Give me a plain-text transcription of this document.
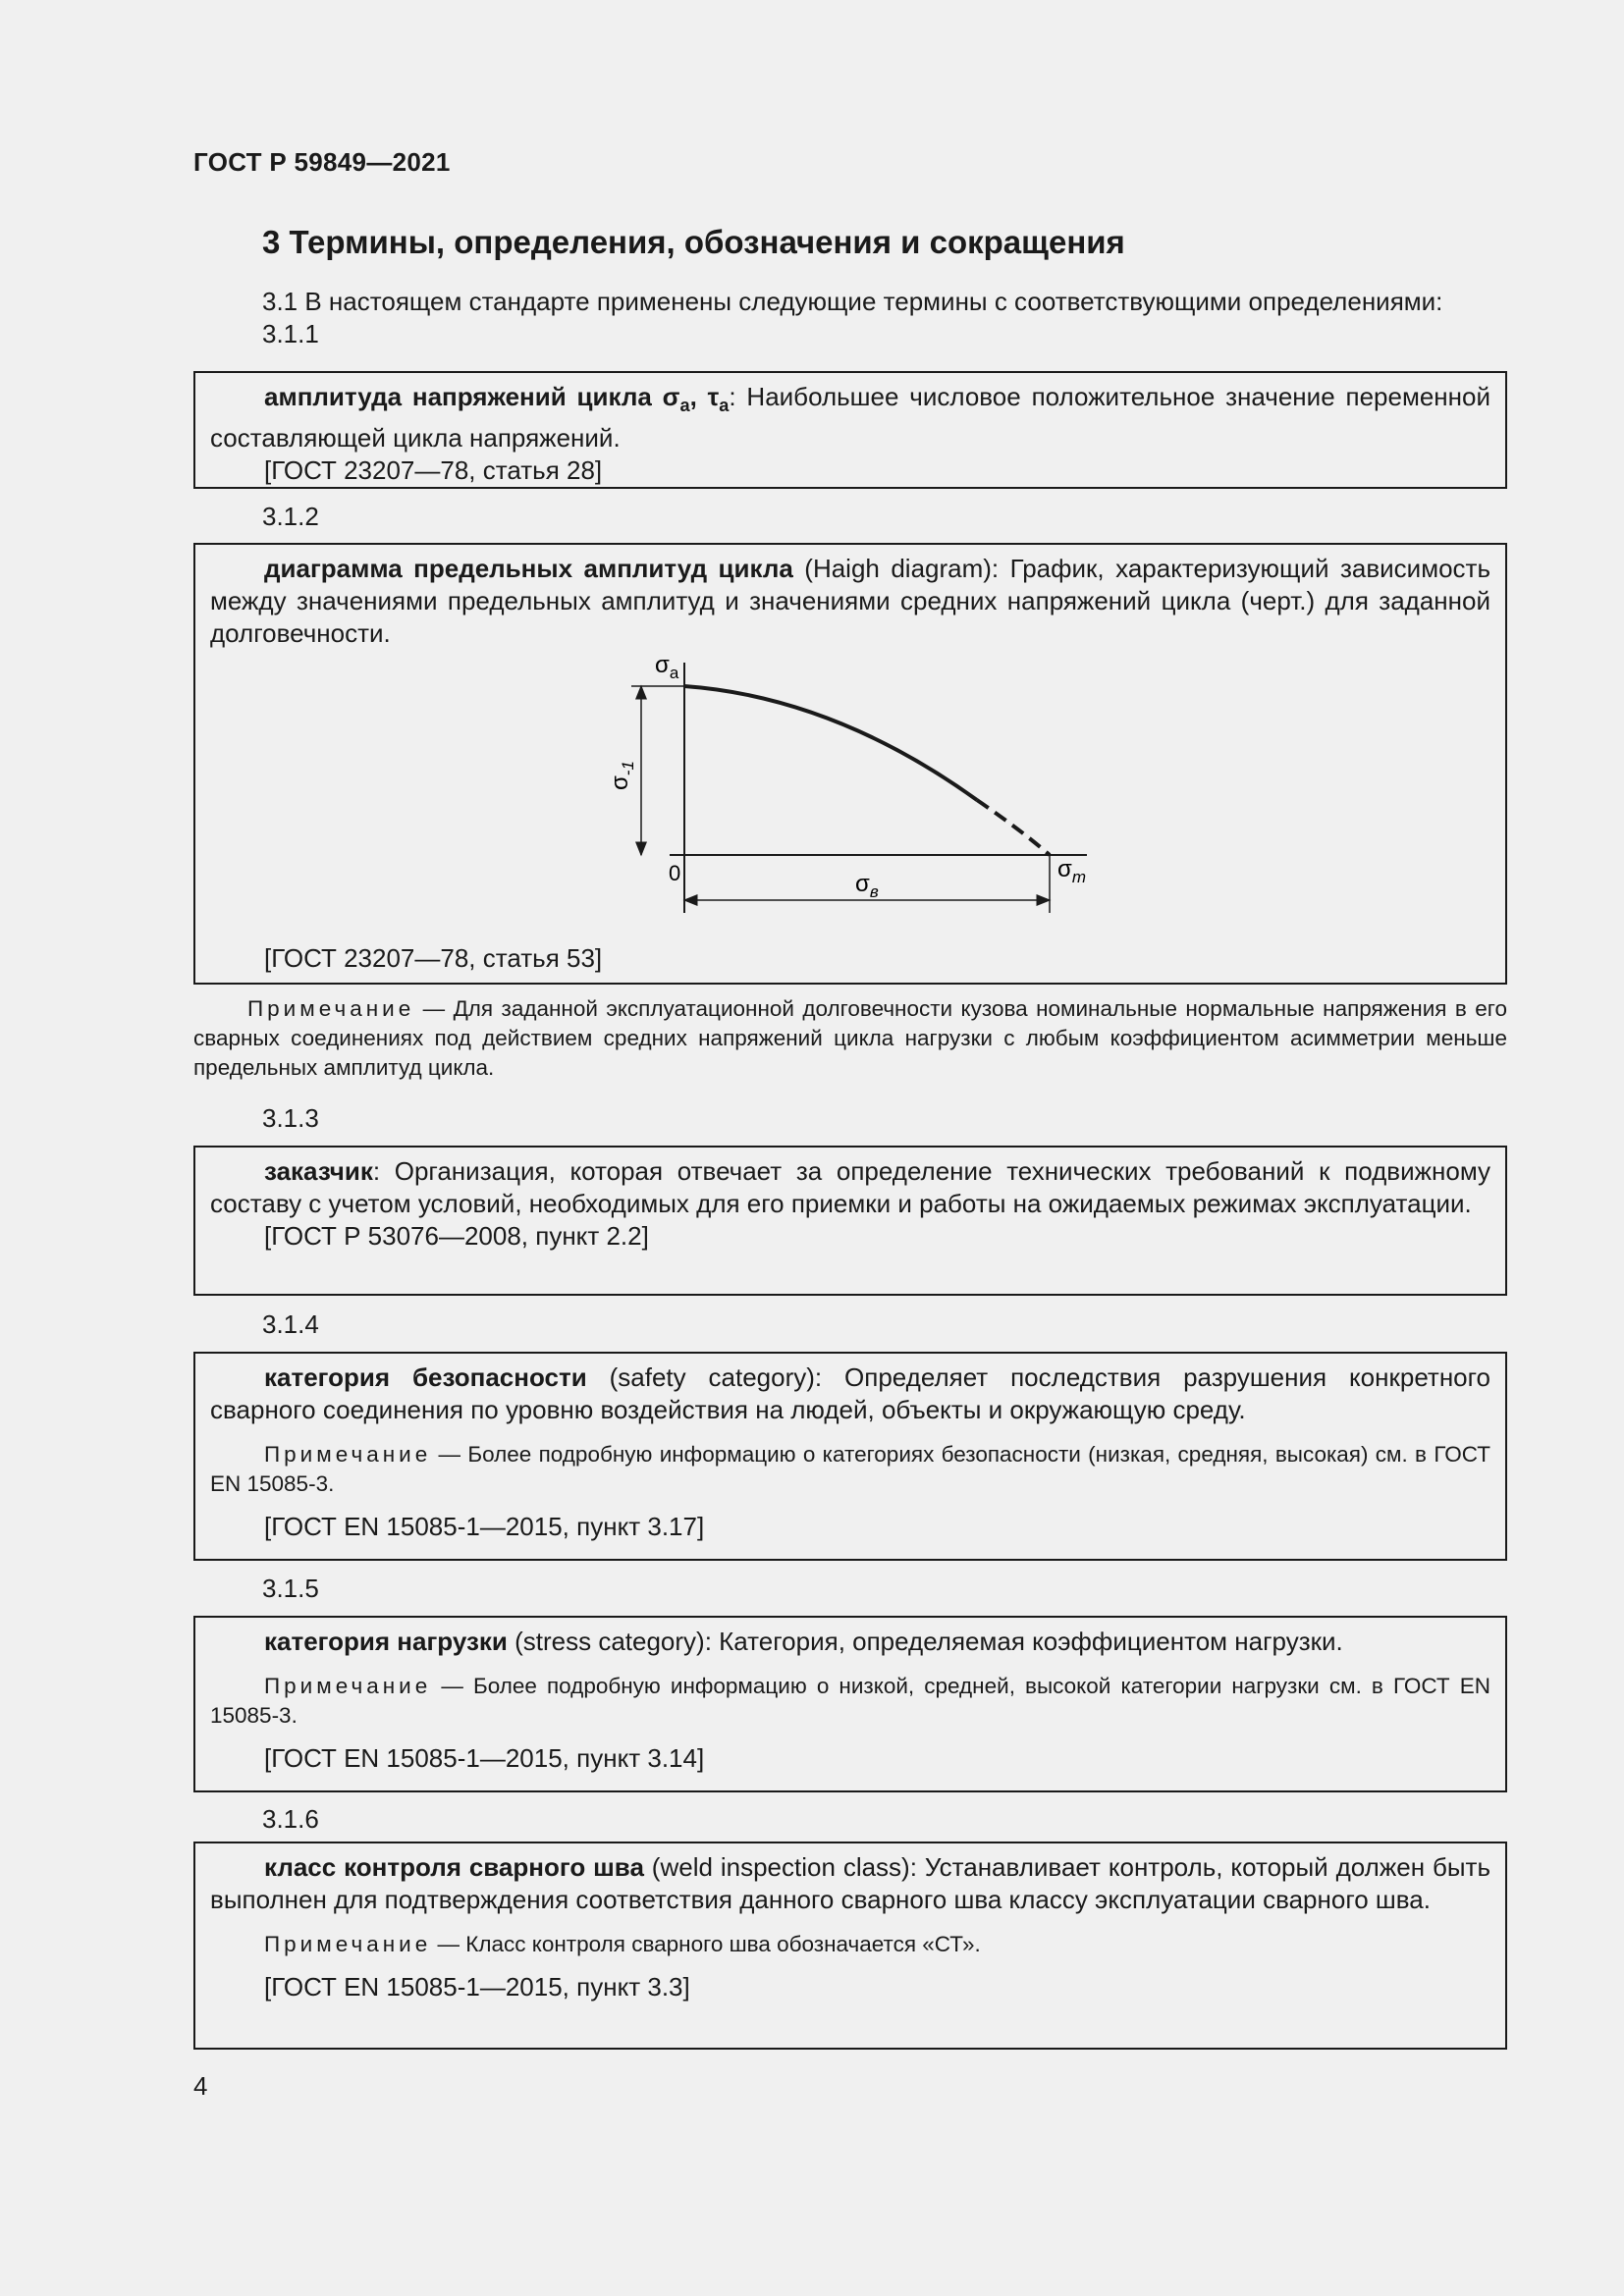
ГОСТ Р 59849—2021
3 Термины, определения, обозначения и сокращения
3.1 В настоящем стандарте применены следующие термины с соответствующими определениями:
3.1.1

амплитуда напряжений цикла $\sigma_a$, $\tau_a$: Наибольшее числовое положительное значение переменной составляющей цикла напряжений.

[ГОСТ 23207—78, статья 28]

3.1.2

диаграмма предельных амплитуд цикла (Haigh diagram): График, характеризующий зависимость между значениями предельных амплитуд и значениями средних напряжений цикла (черт.) для заданной долговечности.

$\sigma_a$
$\sigma_m$
0
$\sigma_{-1}$
$\sigma_в$

[ГОСТ 23207—78, статья 53]

Примечание — Для заданной эксплуатационной долговечности кузова номинальные нормальные напряжения в его сварных соединениях под действием средних напряжений цикла нагрузки с любым коэффициентом асимметрии меньше предельных амплитуд цикла.

3.1.3

заказчик: Организация, которая отвечает за определение технических требований к подвижному составу с учетом условий, необходимых для его приемки и работы на ожидаемых режимах эксплуатации.

[ГОСТ Р 53076—2008, пункт 2.2]

3.1.4

категория безопасности (safety category): Определяет последствия разрушения конкретного сварного соединения по уровню воздействия на людей, объекты и окружающую среду.

Примечание — Более подробную информацию о категориях безопасности (низкая, средняя, высокая) см. в ГОСТ EN 15085-3.

[ГОСТ EN 15085-1—2015, пункт 3.17]

3.1.5

категория нагрузки (stress category): Категория, определяемая коэффициентом нагрузки.

Примечание — Более подробную информацию о низкой, средней, высокой категории нагрузки см. в ГОСТ EN 15085-3.

[ГОСТ EN 15085-1—2015, пункт 3.14]

3.1.6

класс контроля сварного шва (weld inspection class): Устанавливает контроль, который должен быть выполнен для подтверждения соответствия данного сварного шва классу эксплуатации сварного шва.

Примечание — Класс контроля сварного шва обозначается «СТ».

[ГОСТ EN 15085-1—2015, пункт 3.3]

4
